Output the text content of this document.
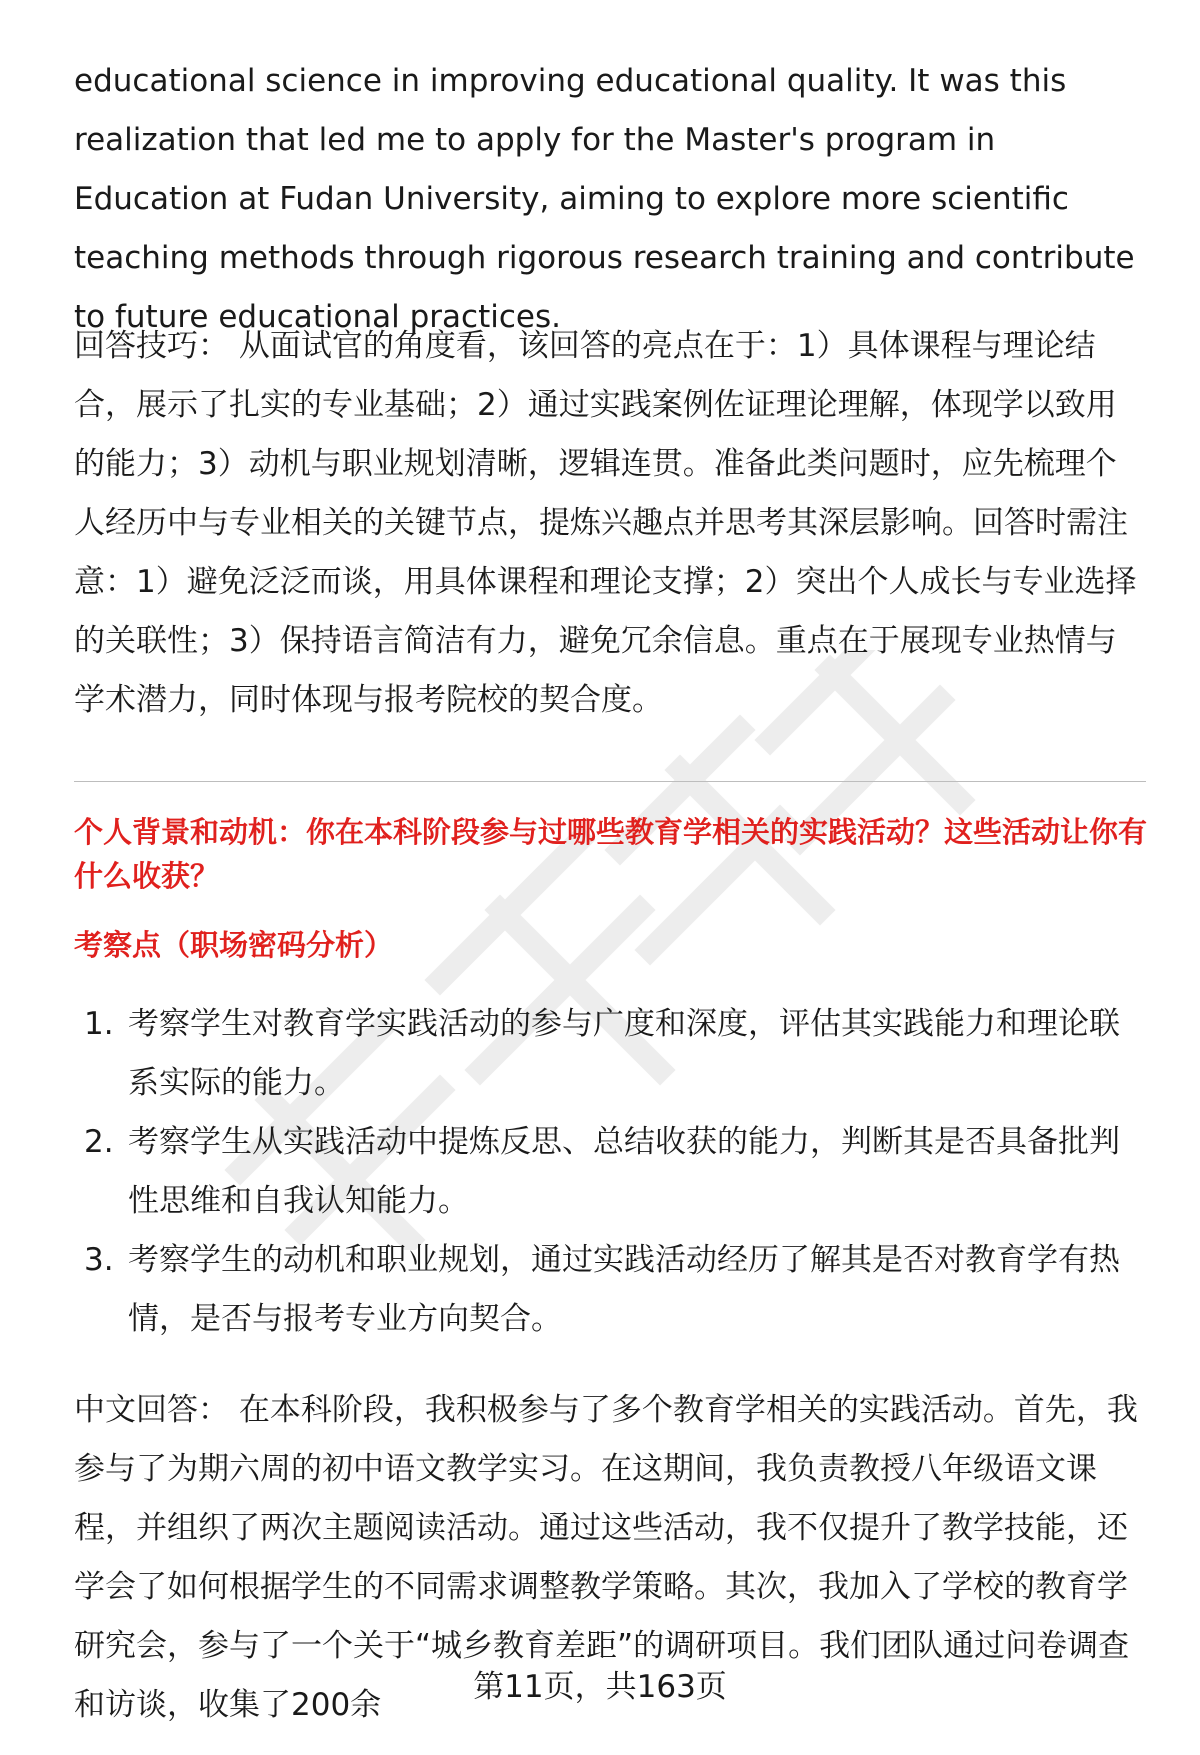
educational science in improving educational quality. It was this realization that led me to apply for the Master's program in Education at Fudan University, aiming to explore more scientific teaching methods through rigorous research training and contribute to future educational practices.

回答技巧： 从面试官的角度看，该回答的亮点在于：1）具体课程与理论结合，展示了扎实的专业基础；2）通过实践案例佐证理论理解，体现学以致用的能力；3）动机与职业规划清晰，逻辑连贯。准备此类问题时，应先梳理个人经历中与专业相关的关键节点，提炼兴趣点并思考其深层影响。回答时需注意：1）避免泛泛而谈，用具体课程和理论支撑；2）突出个人成长与专业选择的关联性；3）保持语言简洁有力，避免冗余信息。重点在于展现专业热情与学术潜力，同时体现与报考院校的契合度。

个人背景和动机：你在本科阶段参与过哪些教育学相关的实践活动？这些活动让你有什么收获？

考察点（职场密码分析）

1. 考察学生对教育学实践活动的参与广度和深度，评估其实践能力和理论联系实际的能力。
2. 考察学生从实践活动中提炼反思、总结收获的能力，判断其是否具备批判性思维和自我认知能力。
3. 考察学生的动机和职业规划，通过实践活动经历了解其是否对教育学有热情，是否与报考专业方向契合。

中文回答： 在本科阶段，我积极参与了多个教育学相关的实践活动。首先，我参与了为期六周的初中语文教学实习。在这期间，我负责教授八年级语文课程，并组织了两次主题阅读活动。通过这些活动，我不仅提升了教学技能，还学会了如何根据学生的不同需求调整教学策略。其次，我加入了学校的教育学研究会，参与了一个关于“城乡教育差距”的调研项目。我们团队通过问卷调查和访谈，收集了200余	第11页，共163页
